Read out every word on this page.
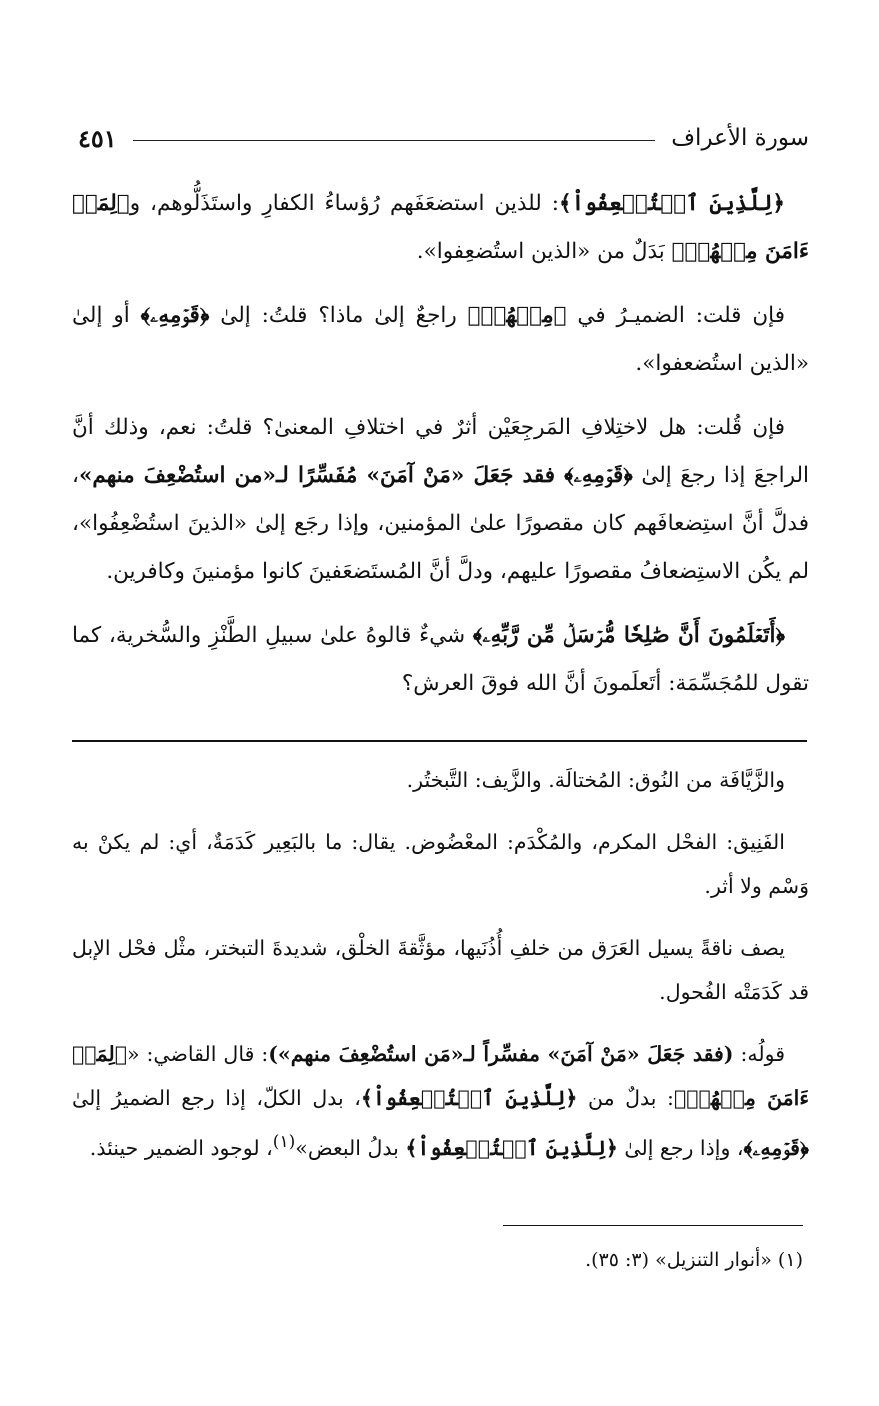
سورة الأعراف
٤٥١

﴿لِلَّذِينَ ٱسۡتُضۡعِفُواْ﴾: للذين استضعَفَهم رُؤساءُ الكفارِ واستَذَلُّوهم، و﴿لِمَنۡ ءَامَنَ مِنۡهُمۡ﴾ بَدَلٌ من «الذين استُضعِفوا».

فإن قلت: الضميـرُ في ﴿مِنۡهُمۡ﴾ راجعٌ إلىٰ ماذا؟ قلتُ: إلىٰ ﴿قَوۡمِهِۦ﴾ أو إلىٰ «الذين استُضعفوا».

فإن قُلت: هل لاختِلافِ المَرجِعَيْن أثرٌ في اختلافِ المعنىٰ؟ قلتُ: نعم، وذلك أنَّ الراجعَ إذا رجعَ إلىٰ ﴿قَوۡمِهِۦ﴾ فقد جَعَلَ «مَنْ آمَنَ» مُفَسِّرًا لـ«من استُضْعِفَ منهم»، فدلَّ أنَّ استِضعافَهم كان مقصورًا علىٰ المؤمنين، وإذا رجَع إلىٰ «الذينَ استُضْعِفُوا»، لم يكُن الاستِضعافُ مقصورًا عليهم، ودلَّ أنَّ المُستَضعَفينَ كانوا مؤمنينَ وكافرين.

﴿أَتَعۡلَمُونَ أَنَّ صَٰلِحٗا مُّرۡسَلٞ مِّن رَّبِّهِۦ﴾ شيءٌ قالوهُ علىٰ سبيلِ الطَّنْزِ والسُّخرية، كما تقول للمُجَسِّمَة: أتَعلَمونَ أنَّ الله فوقَ العرش؟

والزَّيَّافَة من النُوق: المُختالَة. والزَّيف: التَّبختُر.

الفَنِيق: الفحْل المكرم، والمُكْدَم: المعْضُوض. يقال: ما بالبَعِير كَدَمَةٌ، أي: لم يكنْ به وَسْم ولا أثر.

يصف ناقةً يسيل العَرَق من خلفِ أُذُنَيها، مؤثَّقةَ الخلْق، شديدةَ التبختر، مثْل فحْل الإبل قد كَدَمَتْه الفُحول.

قولُه: (فقد جَعَلَ «مَنْ آمَنَ» مفسِّراً لـ«مَن استُضْعِفَ منهم»): قال القاضي: «﴿لِمَنۡ ءَامَنَ مِنۡهُمۡ﴾: بدلٌ من ﴿لِلَّذِينَ ٱسۡتُضۡعِفُواْ﴾، بدل الكلّ، إذا رجع الضميرُ إلىٰ ﴿قَوۡمِهِۦ﴾، وإذا رجع إلىٰ ﴿لِلَّذِينَ ٱسۡتُضۡعِفُواْ﴾ بدلُ البعض»$^{(١)}$، لوجود الضمير حينئذ.

(١) «أنوار التنزيل» (٣: ٣٥).
